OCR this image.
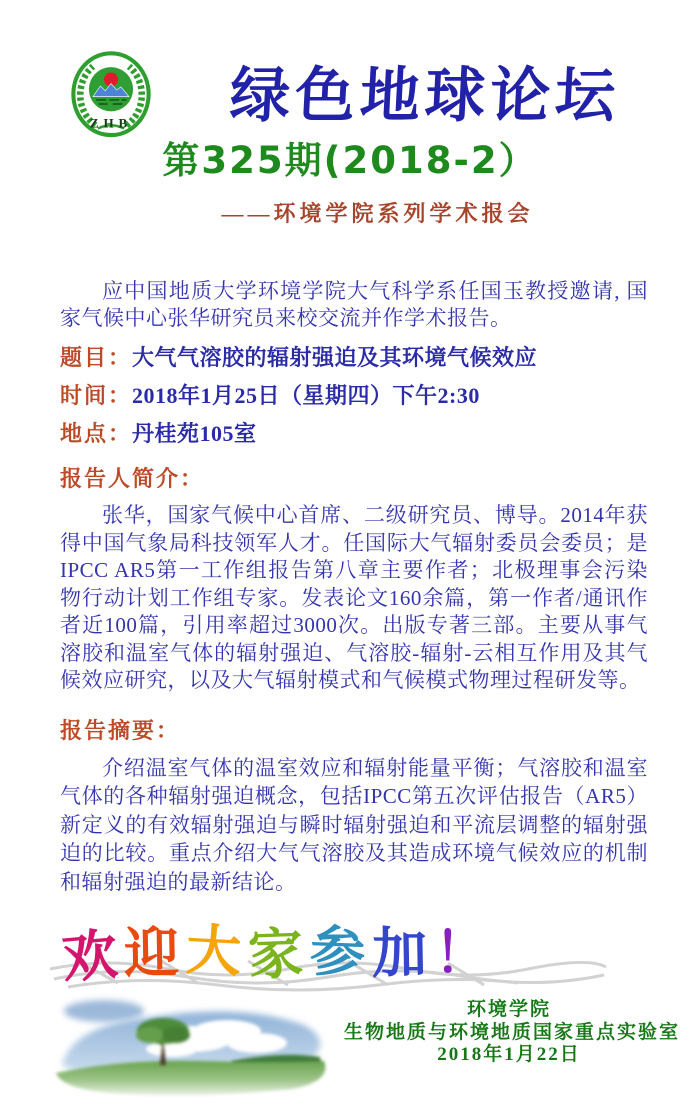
ZHB	绿色地球论坛
第325期(2018-2）
——环境学院系列学术报会

应中国地质大学环境学院大气科学系任国玉教授邀请, 国家气候中心张华研究员来校交流并作学术报告。

题目：大气气溶胶的辐射强迫及其环境气候效应
时间：2018年1月25日（星期四）下午2:30
地点：丹桂苑105室
报告人简介：

张华，国家气候中心首席、二级研究员、博导。2014年获得中国气象局科技领军人才。任国际大气辐射委员会委员；是IPCC AR5第一工作组报告第八章主要作者；北极理事会污染物行动计划工作组专家。发表论文160余篇，第一作者/通讯作者近100篇，引用率超过3000次。出版专著三部。主要从事气溶胶和温室气体的辐射强迫、气溶胶-辐射-云相互作用及其气候效应研究，以及大气辐射模式和气候模式物理过程研发等。

报告摘要：

介绍温室气体的温室效应和辐射能量平衡；气溶胶和温室气体的各种辐射强迫概念，包括IPCC第五次评估报告（AR5）新定义的有效辐射强迫与瞬时辐射强迫和平流层调整的辐射强迫的比较。重点介绍大气气溶胶及其造成环境气候效应的机制和辐射强迫的最新结论。

欢迎大家参加！
环境学院
生物地质与环境地质国家重点实验室
2018年1月22日
